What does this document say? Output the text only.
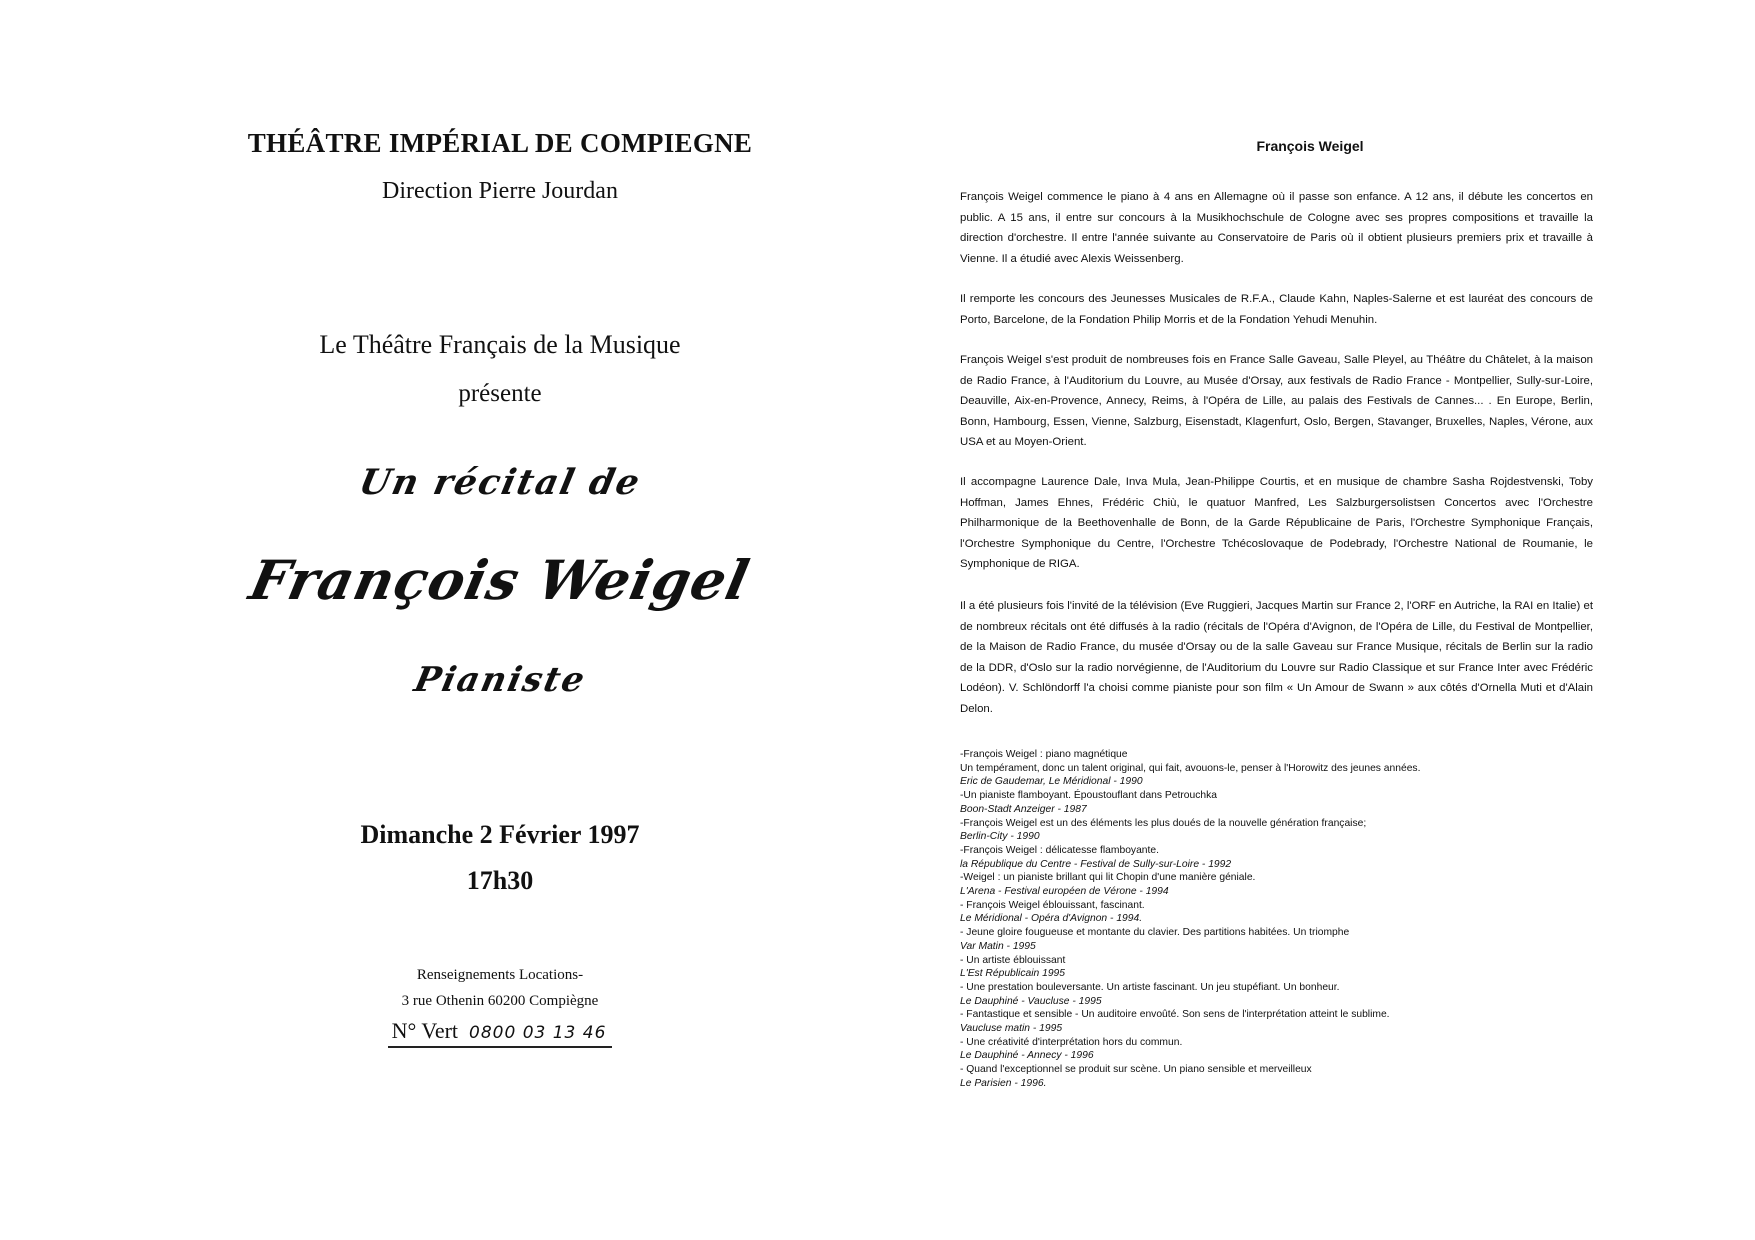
THÉÂTRE IMPÉRIAL DE COMPIEGNE
Direction Pierre Jourdan
Le Théâtre Français de la Musique
présente
Un récital de
François Weigel
Pianiste
Dimanche 2 Février 1997
17h30
Renseignements Locations-
3 rue Othenin 60200 Compiègne
N° Vert 0800 03 13 46
François Weigel

François Weigel commence le piano à 4 ans en Allemagne où il passe son enfance. A 12 ans, il débute les concertos en public. A 15 ans, il entre sur concours à la Musikhochschule de Cologne avec ses propres compositions et travaille la direction d'orchestre. Il entre l'année suivante au Conservatoire de Paris où il obtient plusieurs premiers prix et travaille à Vienne. Il a étudié avec Alexis Weissenberg.

Il remporte les concours des Jeunesses Musicales de R.F.A., Claude Kahn, Naples-Salerne et est lauréat des concours de Porto, Barcelone, de la Fondation Philip Morris et de la Fondation Yehudi Menuhin.

François Weigel s'est produit de nombreuses fois en France Salle Gaveau, Salle Pleyel, au Théâtre du Châtelet, à la maison de Radio France, à l'Auditorium du Louvre, au Musée d'Orsay, aux festivals de Radio France - Montpellier, Sully-sur-Loire, Deauville, Aix-en-Provence, Annecy, Reims, à l'Opéra de Lille, au palais des Festivals de Cannes... . En Europe, Berlin, Bonn, Hambourg, Essen, Vienne, Salzburg, Eisenstadt, Klagenfurt, Oslo, Bergen, Stavanger, Bruxelles, Naples, Vérone, aux USA et au Moyen-Orient.

Il accompagne Laurence Dale, Inva Mula, Jean-Philippe Courtis, et en musique de chambre Sasha Rojdestvenski, Toby Hoffman, James Ehnes, Frédéric Chiù, le quatuor Manfred, Les Salzburgersolistsen Concertos avec l'Orchestre Philharmonique de la Beethovenhalle de Bonn, de la Garde Républicaine de Paris, l'Orchestre Symphonique Français, l'Orchestre Symphonique du Centre, l'Orchestre Tchécoslovaque de Podebrady, l'Orchestre National de Roumanie, le Symphonique de RIGA.

Il a été plusieurs fois l'invité de la télévision (Eve Ruggieri, Jacques Martin sur France 2, l'ORF en Autriche, la RAI en Italie) et de nombreux récitals ont été diffusés à la radio (récitals de l'Opéra d'Avignon, de l'Opéra de Lille, du Festival de Montpellier, de la Maison de Radio France, du musée d'Orsay ou de la salle Gaveau sur France Musique, récitals de Berlin sur la radio de la DDR, d'Oslo sur la radio norvégienne, de l'Auditorium du Louvre sur Radio Classique et sur France Inter avec Frédéric Lodéon). V. Schlöndorff l'a choisi comme pianiste pour son film « Un Amour de Swann » aux côtés d'Ornella Muti et d'Alain Delon.

-François Weigel : piano magnétique
Un tempérament, donc un talent original, qui fait, avouons-le, penser à l'Horowitz des jeunes années.
Eric de Gaudemar, Le Méridional - 1990
-Un pianiste flamboyant. Époustouflant dans Petrouchka
Boon-Stadt Anzeiger - 1987
-François Weigel est un des éléments les plus doués de la nouvelle génération française;
Berlin-City - 1990
-François Weigel : délicatesse flamboyante.
la République du Centre - Festival de Sully-sur-Loire - 1992
-Weigel : un pianiste brillant qui lit Chopin d'une manière géniale.
L'Arena - Festival européen de Vérone - 1994
- François Weigel éblouissant, fascinant.
Le Méridional - Opéra d'Avignon - 1994.
- Jeune gloire fougueuse et montante du clavier. Des partitions habitées. Un triomphe
Var Matin - 1995
- Un artiste éblouissant
L'Est Républicain 1995
- Une prestation bouleversante. Un artiste fascinant. Un jeu stupéfiant. Un bonheur.
Le Dauphiné - Vaucluse - 1995
- Fantastique et sensible - Un auditoire envoûté. Son sens de l'interprétation atteint le sublime.
Vaucluse matin - 1995
- Une créativité d'interprétation hors du commun.
Le Dauphiné - Annecy - 1996
- Quand l'exceptionnel se produit sur scène. Un piano sensible et merveilleux
Le Parisien - 1996.
